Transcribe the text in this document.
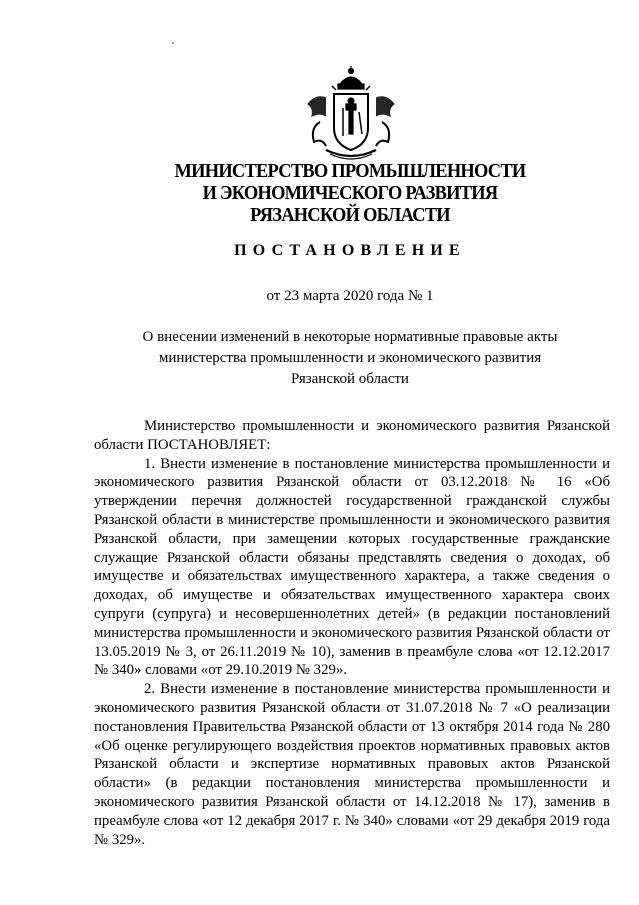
МИНИСТЕРСТВО ПРОМЫШЛЕННОСТИ
И ЭКОНОМИЧЕСКОГО РАЗВИТИЯ
РЯЗАНСКОЙ ОБЛАСТИ
ПОСТАНОВЛЕНИЕ
от 23 марта 2020 года № 1
О внесении изменений в некоторые нормативные правовые акты
министерства промышленности и экономического развития
Рязанской области

Министерство промышленности и экономического развития Рязанской области ПОСТАНОВЛЯЕТ:

1. Внести изменение в постановление министерства промышленности и экономического развития Рязанской области от 03.12.2018 № 16 «Об утверждении перечня должностей государственной гражданской службы Рязанской области в министерстве промышленности и экономического развития Рязанской области, при замещении которых государственные гражданские служащие Рязанской области обязаны представлять сведения о доходах, об имуществе и обязательствах имущественного характера, а также сведения о доходах, об имуществе и обязательствах имущественного характера своих супруги (супруга) и несовершеннолетних детей» (в редакции постановлений министерства промышленности и экономического развития Рязанской области от 13.05.2019 № 3, от 26.11.2019 № 10), заменив в преамбуле слова «от 12.12.2017 № 340» словами «от 29.10.2019 № 329».

2. Внести изменение в постановление министерства промышленности и экономического развития Рязанской области от 31.07.2018 № 7 «О реализации постановления Правительства Рязанской области от 13 октября 2014 года № 280 «Об оценке регулирующего воздействия проектов нормативных правовых актов Рязанской области и экспертизе нормативных правовых актов Рязанской области» (в редакции постановления министерства промышленности и экономического развития Рязанской области от 14.12.2018 № 17), заменив в преамбуле слова «от 12 декабря 2017 г. № 340» словами «от 29 декабря 2019 года № 329».
